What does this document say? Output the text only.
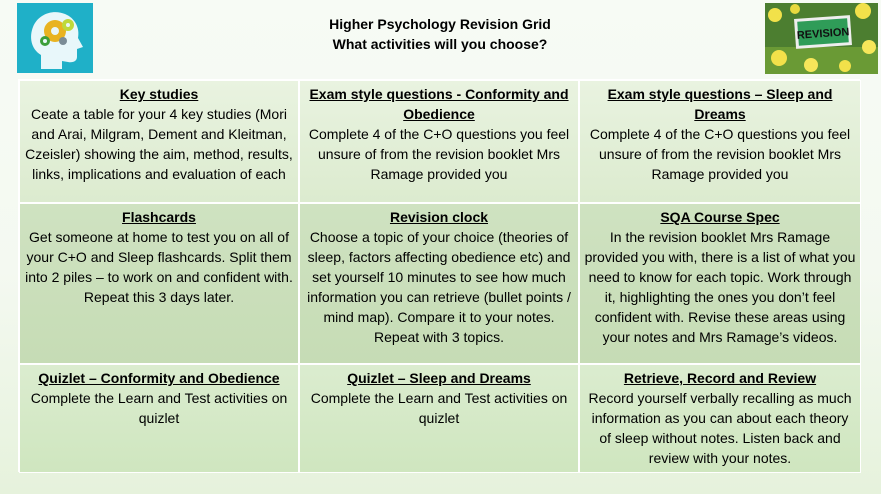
REVISION
Higher Psychology Revision Grid
What activities will you choose?
Key studies
Ceate a table for your 4 key studies (Mori and Arai, Milgram, Dement and Kleitman, Czeisler) showing the aim, method, results, links, implications and evaluation of each
Exam style questions - Conformity and Obedience
Complete 4 of the C+O questions you feel unsure of from the revision booklet Mrs Ramage provided you
Exam style questions – Sleep and Dreams
Complete 4 of the C+O questions you feel unsure of from the revision booklet Mrs Ramage provided you
Flashcards
Get someone at home to test you on all of your C+O and Sleep flashcards. Split them into 2 piles – to work on and confident with. Repeat this 3 days later.
Revision clock
Choose a topic of your choice (theories of sleep, factors affecting obedience etc) and set yourself 10 minutes to see how much information you can retrieve (bullet points / mind map). Compare it to your notes. Repeat with 3 topics.
SQA Course Spec
In the revision booklet Mrs Ramage provided you with, there is a list of what you need to know for each topic. Work through it, highlighting the ones you don’t feel confident with. Revise these areas using your notes and Mrs Ramage’s videos.
Quizlet – Conformity and Obedience
Complete the Learn and Test activities on quizlet
Quizlet – Sleep and Dreams
Complete the Learn and Test activities on quizlet
Retrieve, Record and Review
Record yourself verbally recalling as much information as you can about each theory of sleep without notes. Listen back and review with your notes.
